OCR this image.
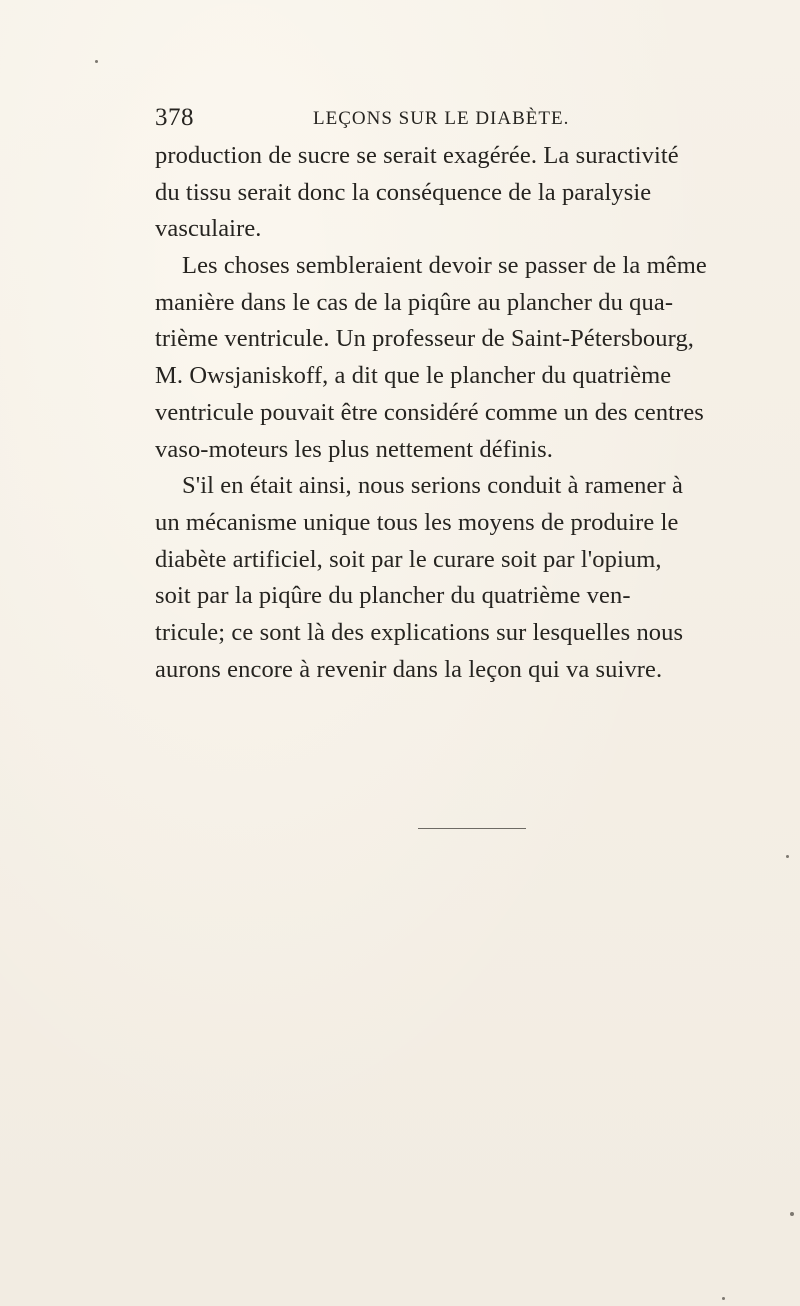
378	LEÇONS SUR LE DIABÈTE.
production de sucre se serait exagérée. La suractivité
du tissu serait donc la conséquence de la paralysie
vasculaire.
Les choses sembleraient devoir se passer de la même
manière dans le cas de la piqûre au plancher du qua-
trième ventricule. Un professeur de Saint-Pétersbourg,
M. Owsjaniskoff, a dit que le plancher du quatrième
ventricule pouvait être considéré comme un des centres
vaso-moteurs les plus nettement définis.
S'il en était ainsi, nous serions conduit à ramener à
un mécanisme unique tous les moyens de produire le
diabète artificiel, soit par le curare soit par l'opium,
soit par la piqûre du plancher du quatrième ven-
tricule; ce sont là des explications sur lesquelles nous
aurons encore à revenir dans la leçon qui va suivre.
